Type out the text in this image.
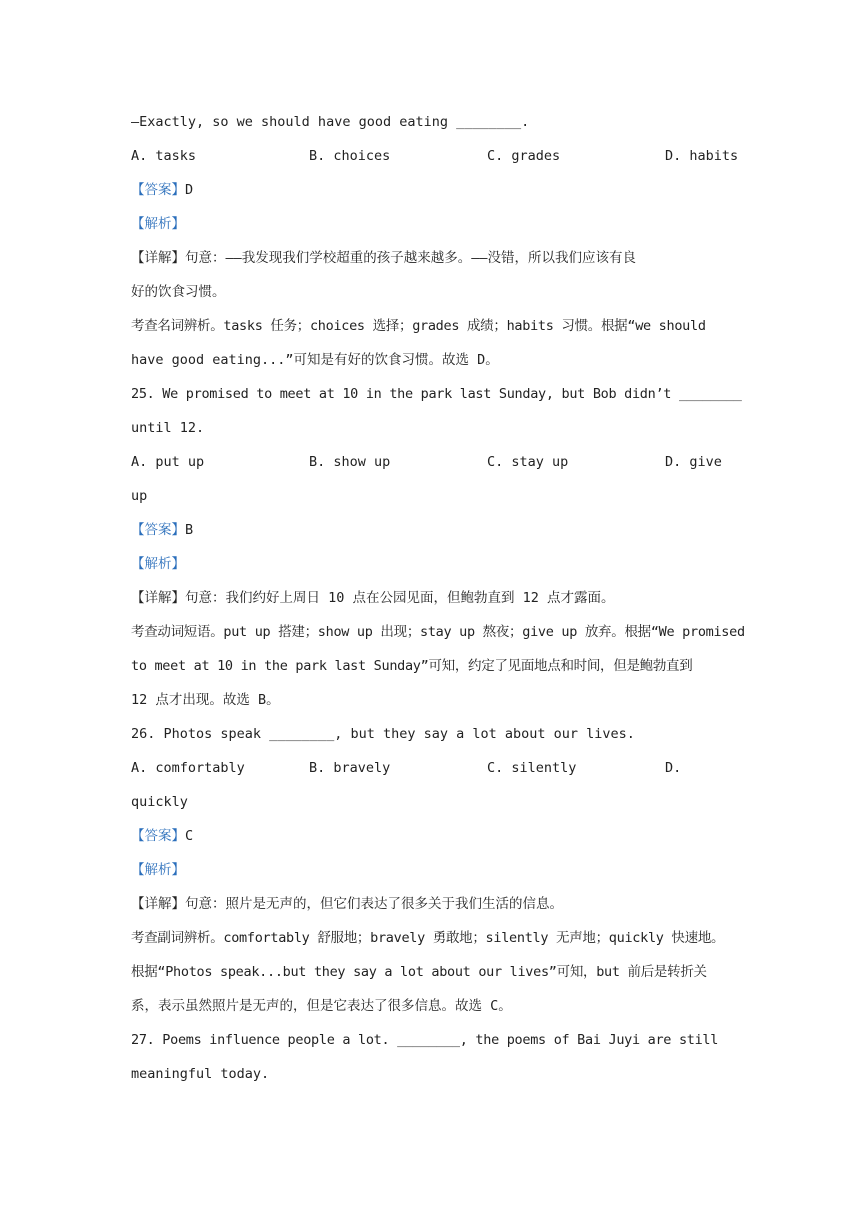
—Exactly, so we should have good eating ________.
A. tasks	B. choices	C. grades	D. habits
【答案】D
【解析】
【详解】句意：——我发现我们学校超重的孩子越来越多。——没错，所以我们应该有良
好的饮食习惯。
考查名词辨析。tasks 任务；choices 选择；grades 成绩；habits 习惯。根据“we should
have good eating...”可知是有好的饮食习惯。故选 D。
25. We promised to meet at 10 in the park last Sunday, but Bob didn’t ________
until 12.
A. put up	B. show up	C. stay up	D. give
up
【答案】B
【解析】
【详解】句意：我们约好上周日 10 点在公园见面，但鲍勃直到 12 点才露面。
考查动词短语。put up 搭建；show up 出现；stay up 熬夜；give up 放弃。根据“We promised
to meet at 10 in the park last Sunday”可知，约定了见面地点和时间，但是鲍勃直到
12 点才出现。故选 B。
26. Photos speak ________, but they say a lot about our lives.
A. comfortably	B. bravely	C. silently	D.
quickly
【答案】C
【解析】
【详解】句意：照片是无声的，但它们表达了很多关于我们生活的信息。
考查副词辨析。comfortably 舒服地；bravely 勇敢地；silently 无声地；quickly 快速地。
根据“Photos speak...but they say a lot about our lives”可知，but 前后是转折关
系，表示虽然照片是无声的，但是它表达了很多信息。故选 C。
27. Poems influence people a lot. ________, the poems of Bai Juyi are still
meaningful today.
